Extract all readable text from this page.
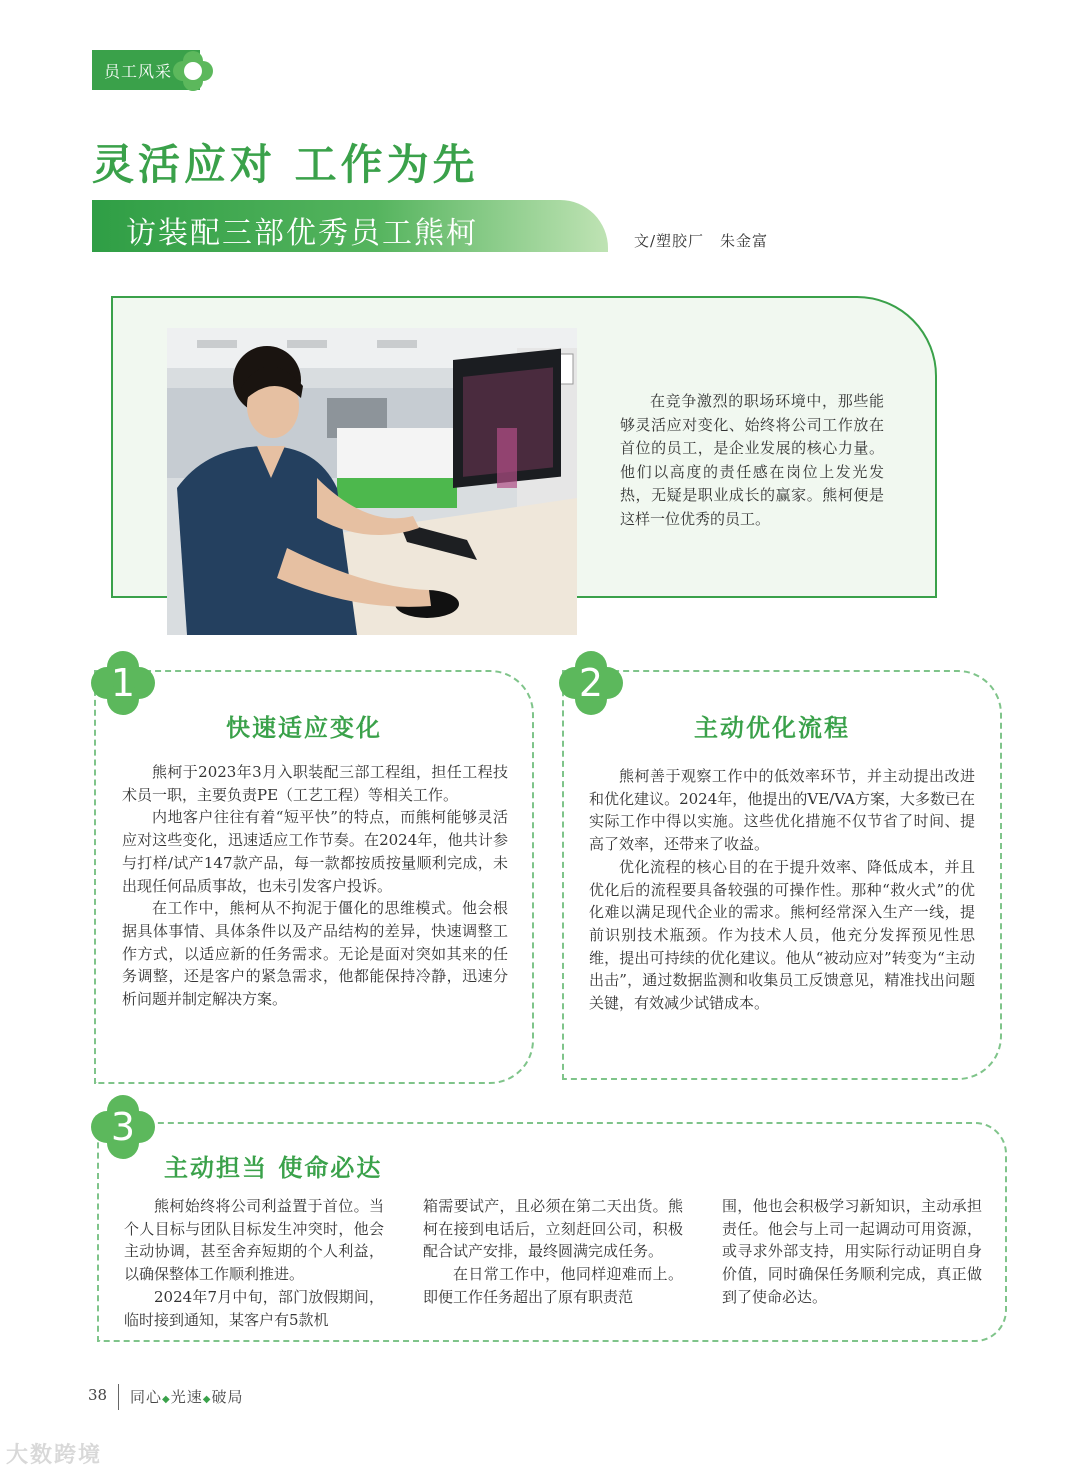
员工风采
灵活应对 工作为先
访装配三部优秀员工熊柯	文/塑胶厂　朱金富
在竞争激烈的职场环境中，那些能够灵活应对变化、始终将公司工作放在首位的员工，是企业发展的核心力量。他们以高度的责任感在岗位上发光发热，无疑是职业成长的赢家。熊柯便是这样一位优秀的员工。
1
快速适应变化

熊柯于2023年3月入职装配三部工程组，担任工程技术员一职，主要负责PE（工艺工程）等相关工作。

内地客户往往有着“短平快”的特点，而熊柯能够灵活应对这些变化，迅速适应工作节奏。在2024年，他共计参与打样/试产147款产品，每一款都按质按量顺利完成，未出现任何品质事故，也未引发客户投诉。

在工作中，熊柯从不拘泥于僵化的思维模式。他会根据具体事情、具体条件以及产品结构的差异，快速调整工作方式，以适应新的任务需求。无论是面对突如其来的任务调整，还是客户的紧急需求，他都能保持冷静，迅速分析问题并制定解决方案。

2
主动优化流程

熊柯善于观察工作中的低效率环节，并主动提出改进和优化建议。2024年，他提出的VE/VA方案，大多数已在实际工作中得以实施。这些优化措施不仅节省了时间、提高了效率，还带来了收益。

优化流程的核心目的在于提升效率、降低成本，并且优化后的流程要具备较强的可操作性。那种“救火式”的优化难以满足现代企业的需求。熊柯经常深入生产一线，提前识别技术瓶颈。作为技术人员，他充分发挥预见性思维，提出可持续的优化建议。他从“被动应对”转变为“主动出击”，通过数据监测和收集员工反馈意见，精准找出问题关键，有效减少试错成本。

3
主动担当 使命必达

熊柯始终将公司利益置于首位。当个人目标与团队目标发生冲突时，他会主动协调，甚至舍弃短期的个人利益，以确保整体工作顺利推进。

2024年7月中旬，部门放假期间，临时接到通知，某客户有5款机

箱需要试产，且必须在第二天出货。熊柯在接到电话后，立刻赶回公司，积极配合试产安排，最终圆满完成任务。

在日常工作中，他同样迎难而上。即便工作任务超出了原有职责范

围，他也会积极学习新知识，主动承担责任。他会与上司一起调动可用资源，或寻求外部支持，用实际行动证明自身价值，同时确保任务顺利完成，真正做到了使命必达。

38 同心◆光速◆破局
大数跨境
